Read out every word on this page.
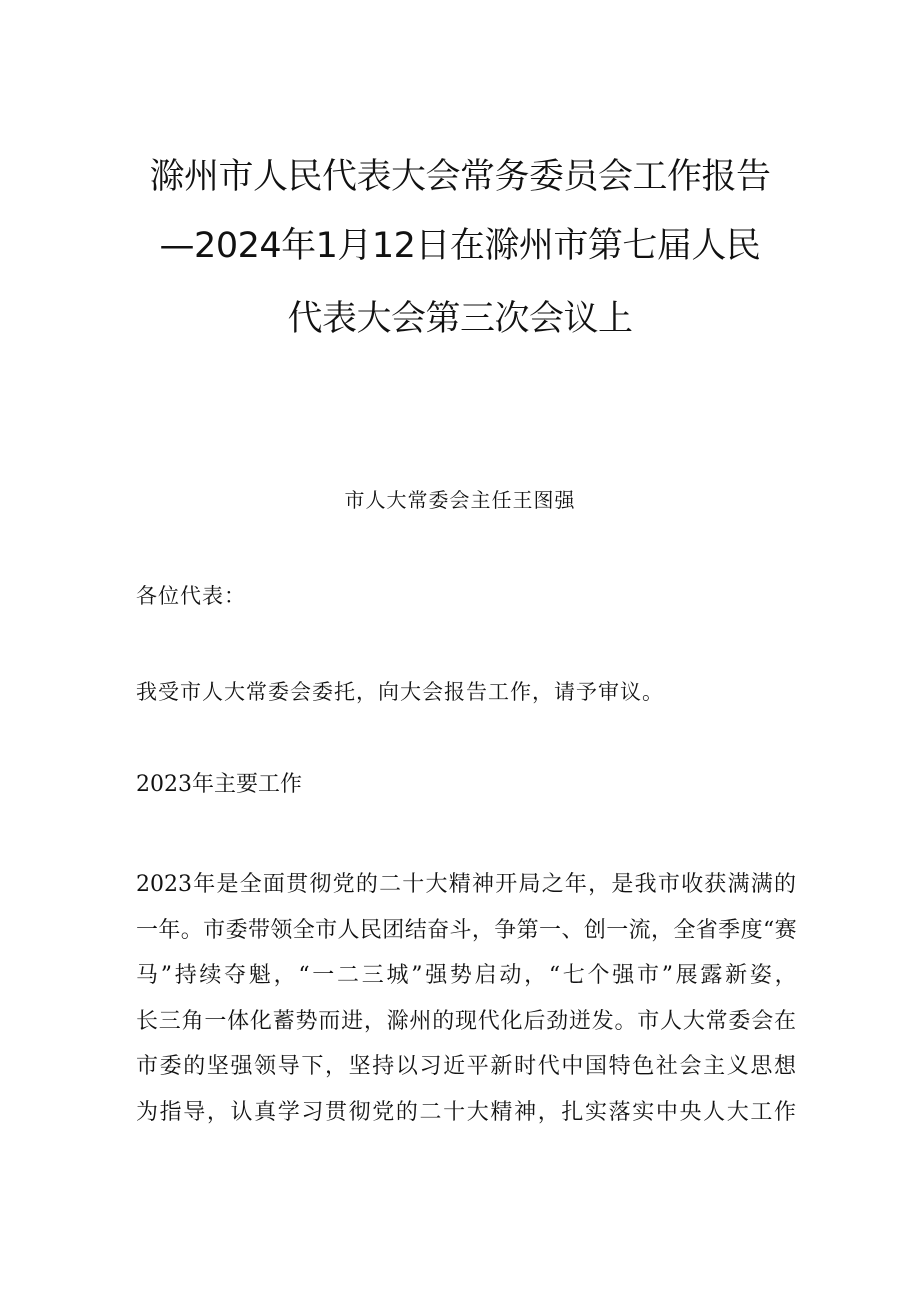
滁州市人民代表大会常务委员会工作报告
—2024年1月12日在滁州市第七届人民
代表大会第三次会议上
市人大常委会主任王图强
各位代表：
我受市人大常委会委托，向大会报告工作，请予审议。
2023年主要工作
2023年是全面贯彻党的二十大精神开局之年，是我市收获满满的
一年。市委带领全市人民团结奋斗，争第一、创一流，全省季度“赛
马”持续夺魁，“一二三城”强势启动，“七个强市”展露新姿，
长三角一体化蓄势而进，滁州的现代化后劲迸发。市人大常委会在
市委的坚强领导下，坚持以习近平新时代中国特色社会主义思想
为指导，认真学习贯彻党的二十大精神，扎实落实中央人大工作
